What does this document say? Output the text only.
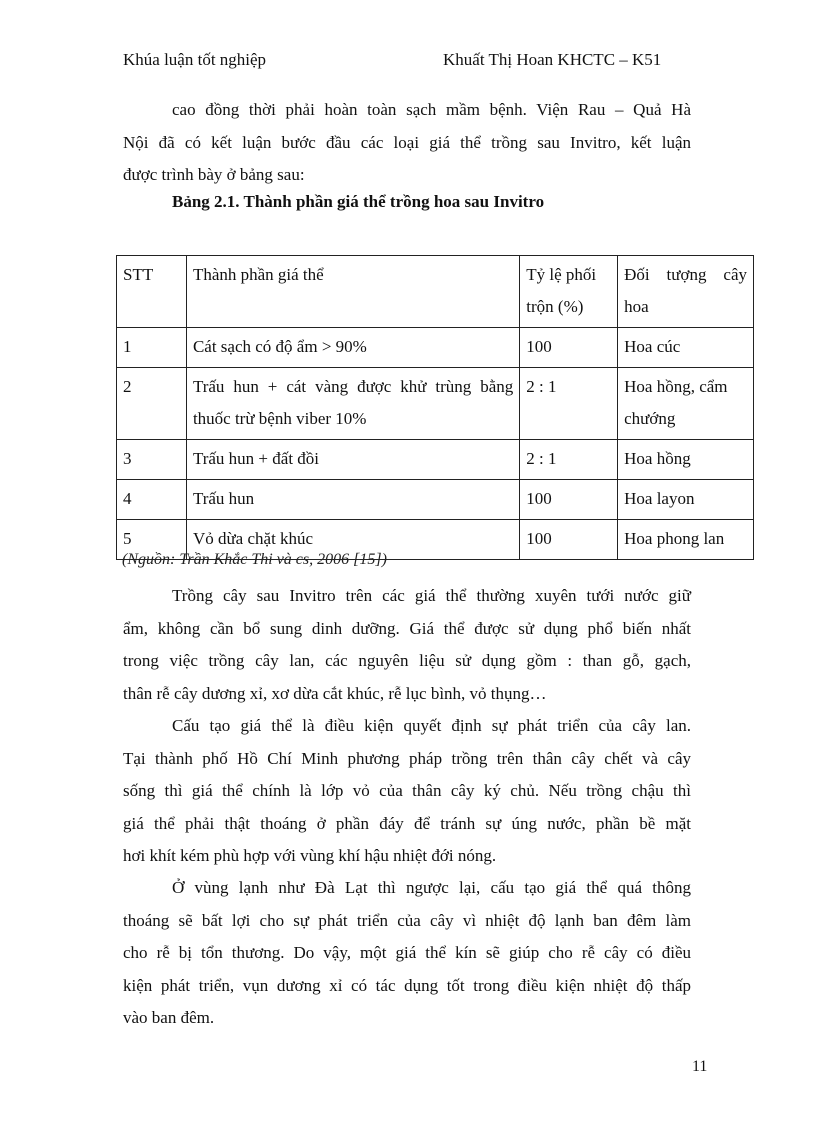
Khúa luận tốt nghiệp	Khuất Thị Hoan KHCTC – K51

cao đồng thời phải hoàn toàn sạch mầm bệnh. Viện Rau – Quả Hà
Nội đã có kết luận bước đầu các loại giá thể trồng sau Invitro, kết luận
được trình bày ở bảng sau:

Bảng 2.1. Thành phần giá thể trồng hoa sau Invitro
STT	Thành phần giá thể	Tỷ lệ phối trộn (%)	Đối tượng cây hoa
1	Cát sạch có độ ẩm > 90%	100	Hoa cúc
2	Trấu hun + cát vàng được khử trùng bằng thuốc trừ bệnh viber 10%	2 : 1	Hoa hồng, cẩm chướng
3	Trấu hun + đất đồi	2 : 1	Hoa hồng
4	Trấu hun	100	Hoa layon
5	Vỏ dừa chặt khúc	100	Hoa phong lan
(Nguồn: Trần Khắc Thi và cs, 2006 [15])

Trồng cây sau Invitro trên các giá thể thường xuyên tưới nước giữ
ẩm, không cần bổ sung dinh dưỡng. Giá thể được sử dụng phổ biến nhất
trong việc trồng cây lan, các nguyên liệu sử dụng gồm : than gỗ, gạch,
thân rễ cây dương xỉ, xơ dừa cắt khúc, rễ lục bình, vỏ thụng…

Cấu tạo giá thể là điều kiện quyết định sự phát triển của cây lan.
Tại thành phố Hồ Chí Minh phương pháp trồng trên thân cây chết và cây
sống thì giá thể chính là lớp vỏ của thân cây ký chủ. Nếu trồng chậu thì
giá thể phải thật thoáng ở phần đáy để tránh sự úng nước, phần bề mặt
hơi khít kém phù hợp với vùng khí hậu nhiệt đới nóng.

Ở vùng lạnh như Đà Lạt thì ngược lại, cấu tạo giá thể quá thông
thoáng sẽ bất lợi cho sự phát triển của cây vì nhiệt độ lạnh ban đêm làm
cho rễ bị tổn thương. Do vậy, một giá thể kín sẽ giúp cho rễ cây có điều
kiện phát triển, vụn dương xỉ có tác dụng tốt trong điều kiện nhiệt độ thấp
vào ban đêm.

11
